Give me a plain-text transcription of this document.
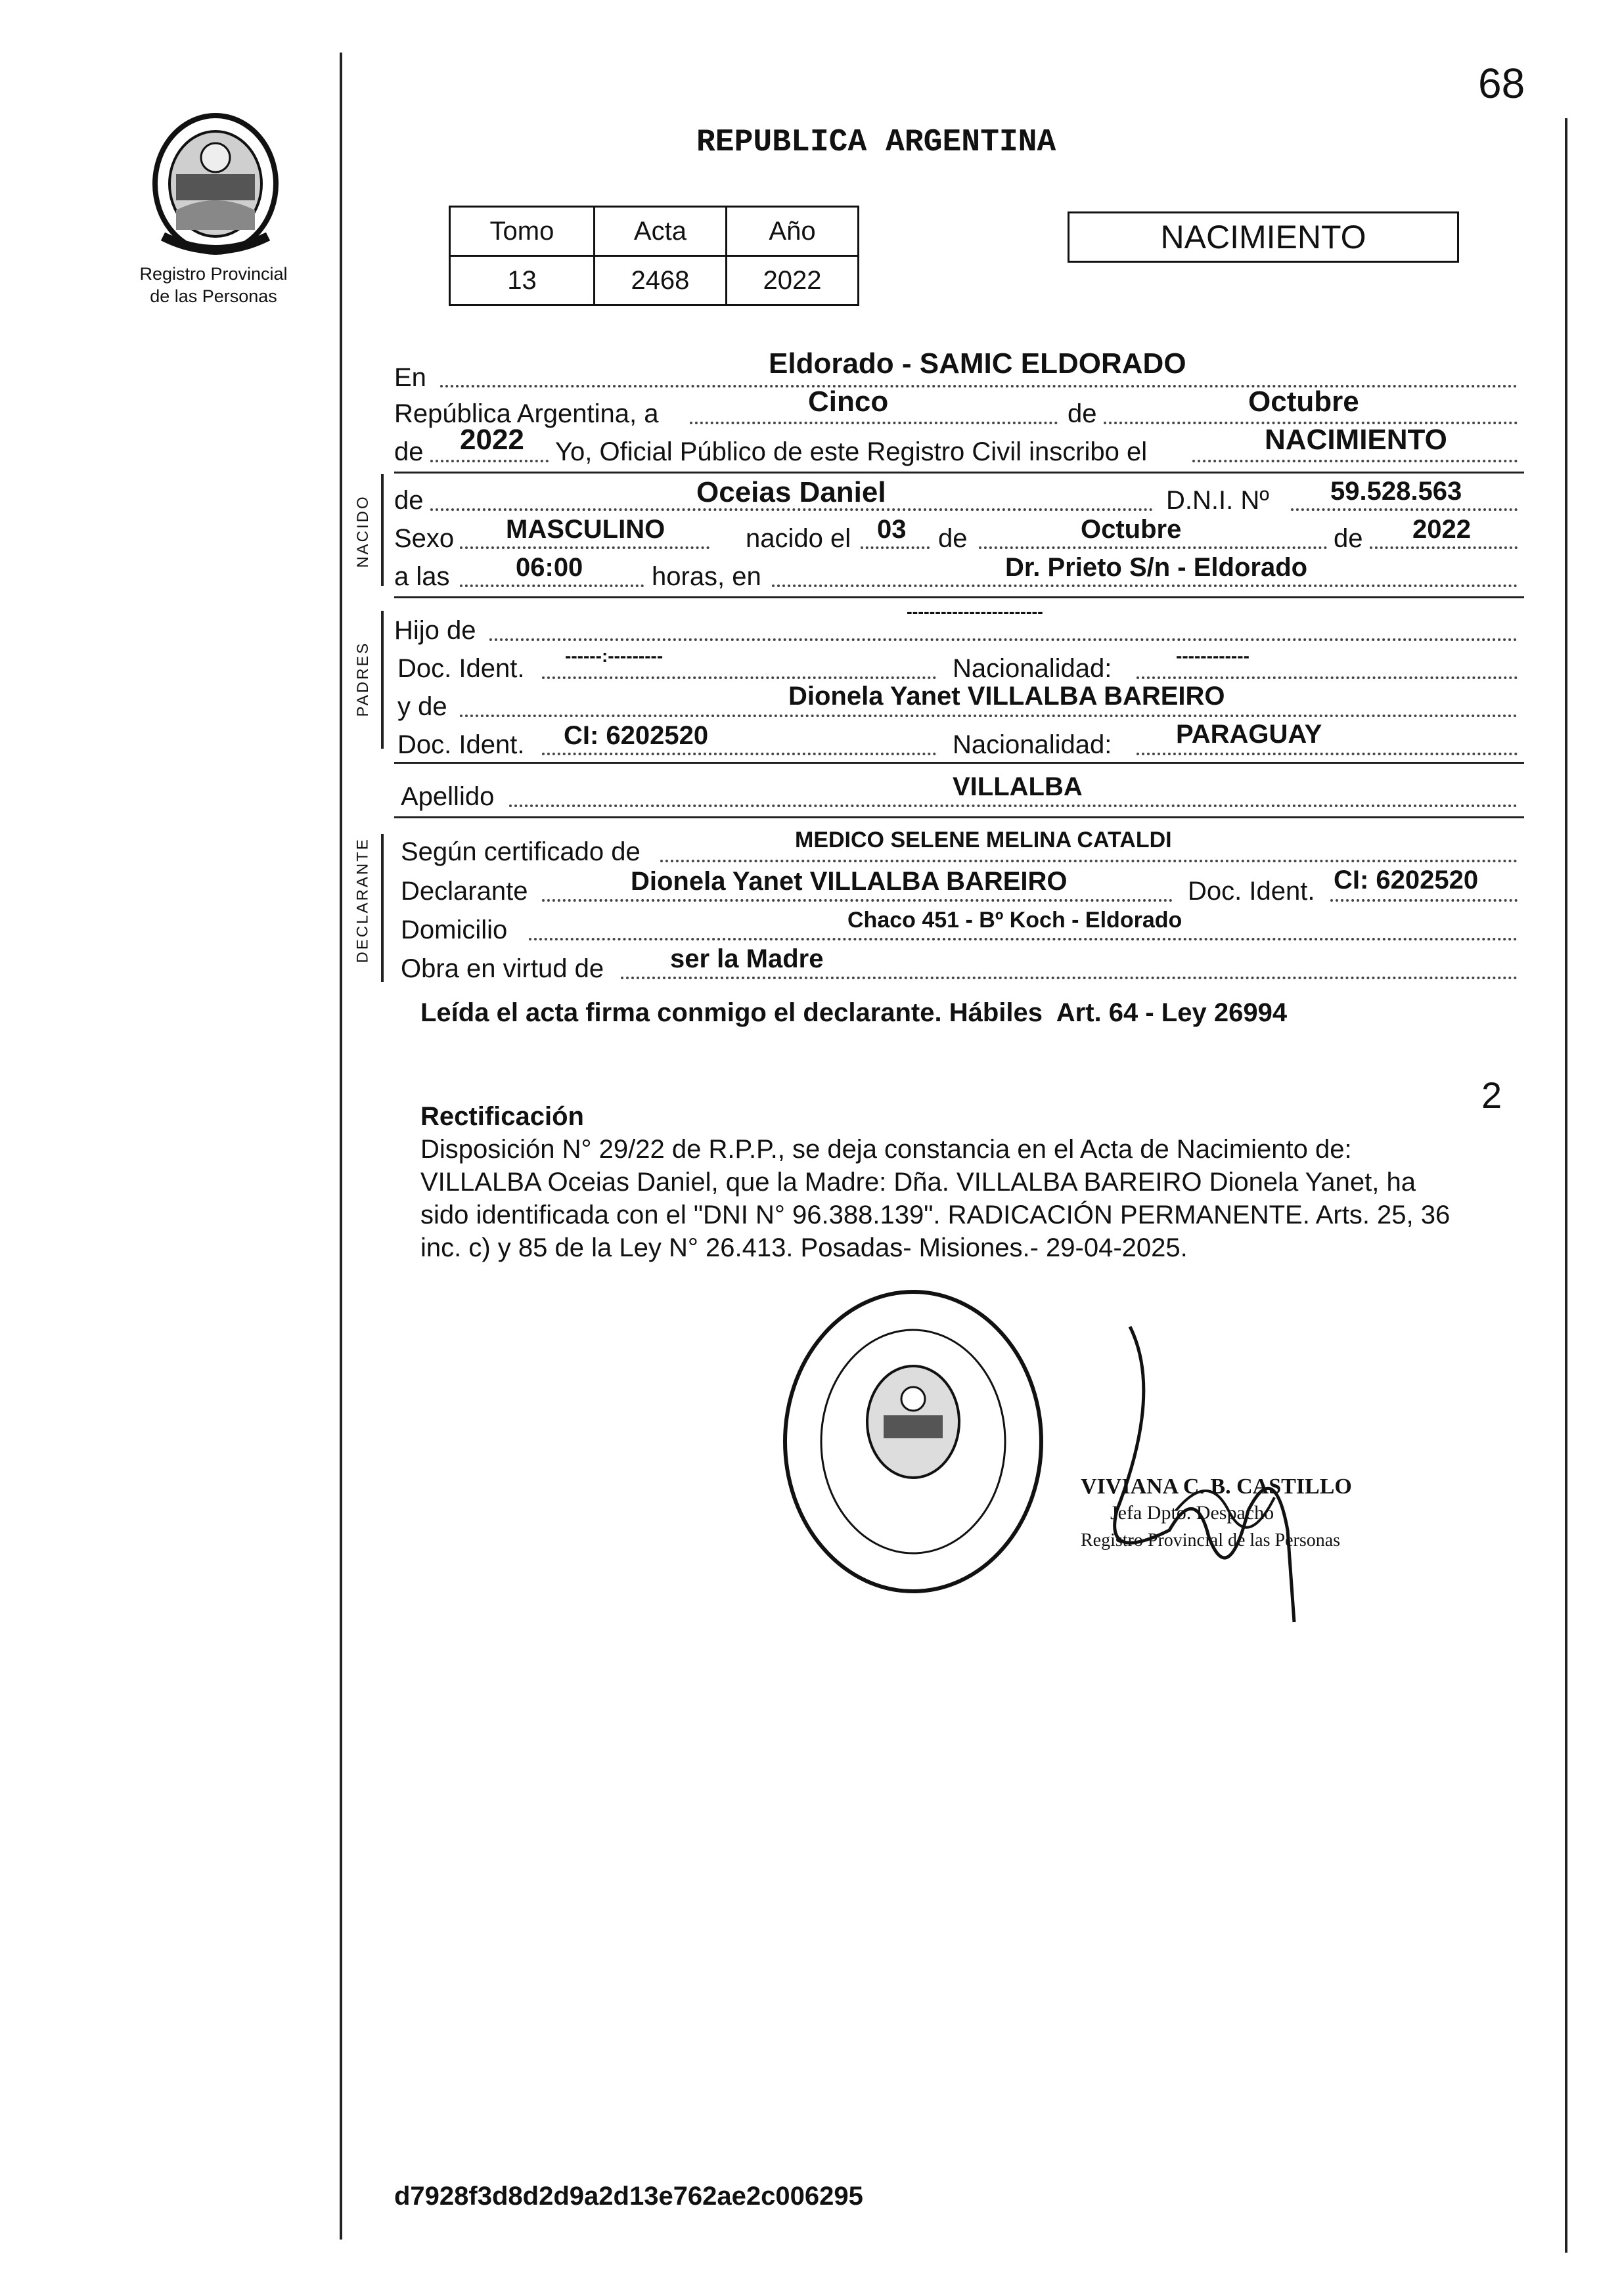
68
Registro Provincial
de las Personas
REPUBLICA ARGENTINA
Tomo	Acta	Año
13	2468	2022
NACIMIENTO
En	Eldorado - SAMIC ELDORADO
República Argentina, a	Cinco	de	Octubre
de 2022 Yo, Oficial Público de este Registro Civil inscribo el	NACIMIENTO
NACIDO de	Oceias Daniel	D.N.I. Nº 59.528.563
Sexo MASCULINO	nacido el 03 de	Octubre	de 2022
a las	06:00	horas, en	Dr. Prieto S/n - Eldorado
PADRES
Hijo de
------------------------
Doc. Ident. ------:---------	Nacionalidad:	------------
y de	Dionela Yanet VILLALBA BAREIRO
Doc. Ident. CI: 6202520	Nacionalidad: PARAGUAY
Apellido	VILLALBA
DECLARANTE Según certificado de	MEDICO SELENE MELINA CATALDI
Declarante	Dionela Yanet VILLALBA BAREIRO	Doc. Ident. CI: 6202520
Domicilio	Chaco 451 - Bº Koch - Eldorado
Obra en virtud de	ser la Madre
Leída el acta firma conmigo el declarante. Hábiles  Art. 64 - Ley 26994
2
Rectificación
Disposición N° 29/22 de R.P.P., se deja constancia en el Acta de Nacimiento de:
VILLALBA Oceias Daniel, que la Madre: Dña. VILLALBA BAREIRO Dionela Yanet, ha
sido identificada con el "DNI N° 96.388.139". RADICACIÓN PERMANENTE. Arts. 25, 36
inc. c) y 85 de la Ley N° 26.413. Posadas- Misiones.- 29-04-2025.
VIVIANA C. B. CASTILLO
Jefa Dpto. Despacho
Registro Provincial de las Personas
d7928f3d8d2d9a2d13e762ae2c006295
